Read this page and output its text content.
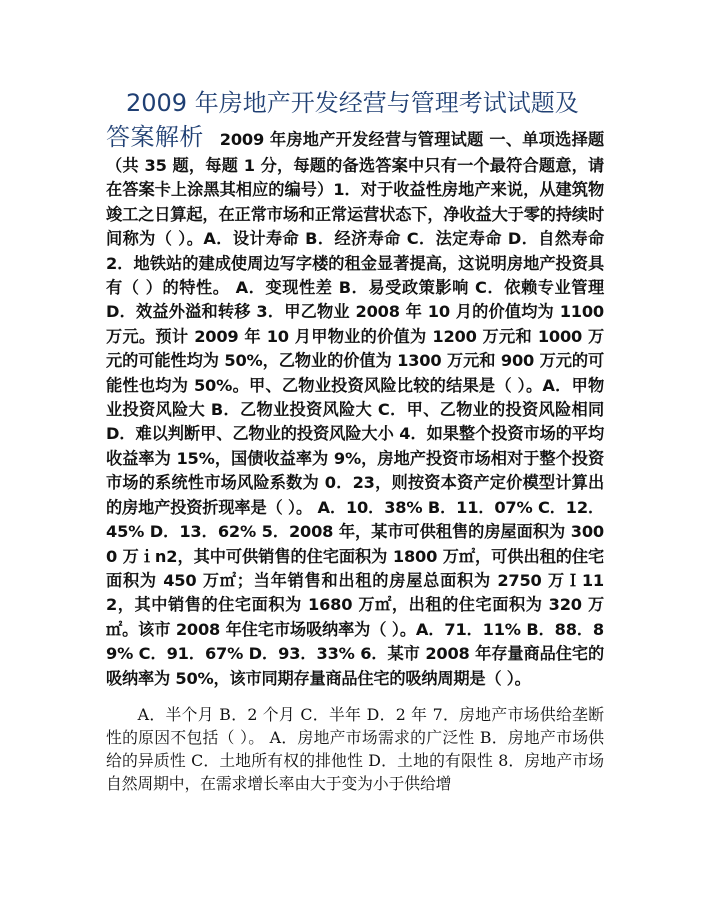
2009 年房地产开发经营与管理考试试题及
答案解析  2009 年房地产开发经营与管理试题 一、单项选择题（共 35 题，每题 1 分，每题的备选答案中只有一个最符合题意，请在答案卡上涂黑其相应的编号）1．对于收益性房地产来说，从建筑物竣工之日算起，在正常市场和正常运营状态下，净收益大于零的持续时间称为（ ）。A．设计寿命 B．经济寿命 C．法定寿命 D．自然寿命 2．地铁站的建成使周边写字楼的租金显著提高，这说明房地产投资具有（ ）的特性。 A．变现性差 B．易受政策影响 C．依赖专业管理 D．效益外溢和转移 3．甲乙物业 2008 年 10 月的价值均为 1100 万元。预计 2009 年 10 月甲物业的价值为 1200 万元和 1000 万元的可能性均为 50%，乙物业的价值为 1300 万元和 900 万元的可能性也均为 50%。甲、乙物业投资风险比较的结果是（ ）。A．甲物业投资风险大 B．乙物业投资风险大 C．甲、乙物业的投资风险相同 D．难以判断甲、乙物业的投资风险大小 4．如果整个投资市场的平均收益率为 15%，国债收益率为 9%，房地产投资市场相对于整个投资市场的系统性市场风险系数为 0．23，则按资本资产定价模型计算出的房地产投资折现率是（ ）。 A．10．38% B．11．07% C．12．45% D．13．62% 5．2008 年，某市可供租售的房屋面积为 3000 万ｉn2，其中可供销售的住宅面积为 1800 万㎡，可供出租的住宅面积为 450 万㎡；当年销售和出租的房屋总面积为 2750 万Ｉ112，其中销售的住宅面积为 1680 万㎡，出租的住宅面积为 320 万㎡。该市 2008 年住宅市场吸纳率为（ ）。A．71．11% B．88．89% C．91．67% D．93．33% 6．某市 2008 年存量商品住宅的吸纳率为 50%，该市同期存量商品住宅的吸纳周期是（ ）。
A．半个月 B．2 个月 C．半年 D．2 年 7．房地产市场供给垄断性的原因不包括（ ）。 A．房地产市场需求的广泛性 B．房地产市场供给的异质性 C．土地所有权的排他性 D．土地的有限性 8．房地产市场自然周期中，在需求增长率由大于变为小于供给增
